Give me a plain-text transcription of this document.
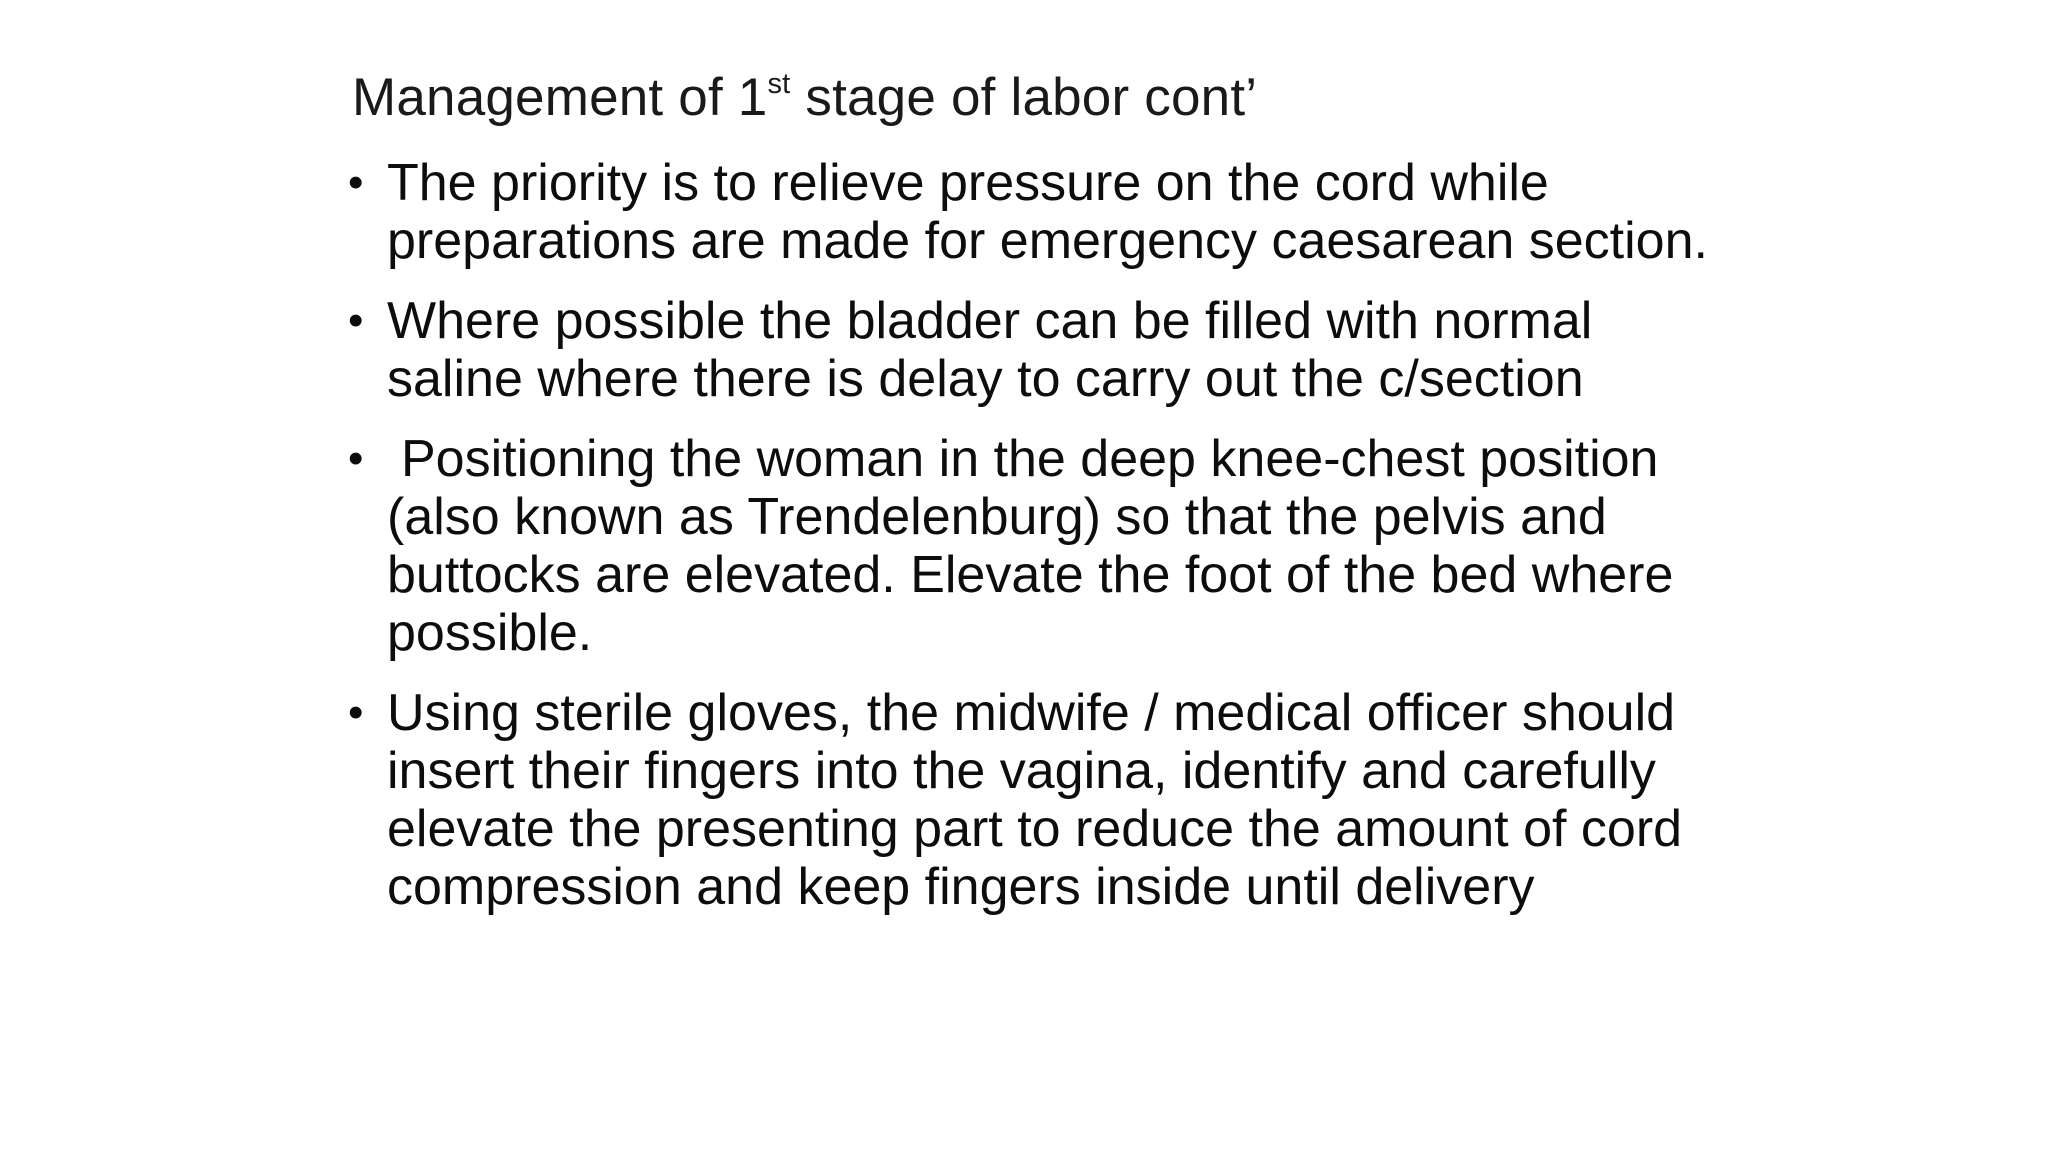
Management of 1st stage of labor cont’
• The priority is to relieve pressure on the cord while preparations are made for emergency caesarean section.
• Where possible the bladder can be filled with normal saline where there is delay to carry out the c/section
• Positioning the woman in the deep knee-chest position (also known as Trendelenburg) so that the pelvis and buttocks are elevated. Elevate the foot of the bed where possible.
• Using sterile gloves, the midwife / medical officer should insert their fingers into the vagina, identify and carefully elevate the presenting part to reduce the amount of cord compression and keep fingers inside until delivery
